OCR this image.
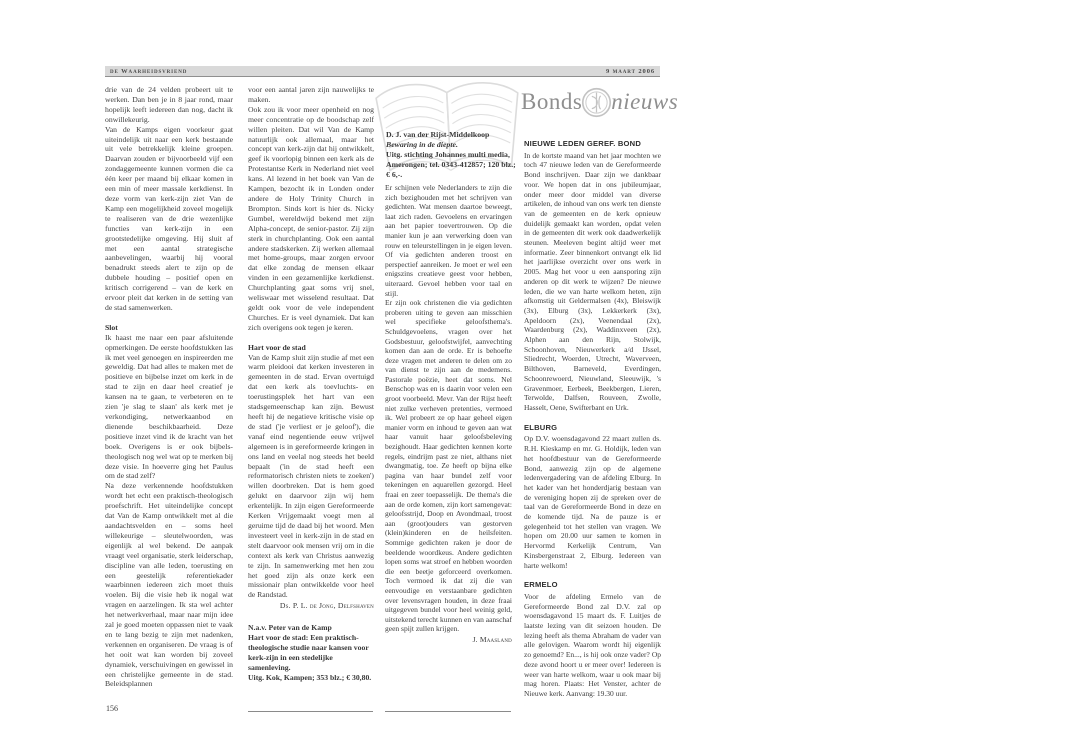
de Waarheidsvriend	9 maart 2006

drie van de 24 velden probeert uit te werken. Dan ben je in 8 jaar rond, maar hopelijk leeft iedereen dan nog, dacht ik onwillekeurig.

Van de Kamps eigen voorkeur gaat uiteindelijk uit naar een kerk bestaande uit vele betrekkelijk kleine groepen. Daarvan zouden er bijvoorbeeld vijf een zondaggemeente kunnen vormen die ca één keer per maand bij elkaar komen in een min of meer massale kerkdienst. In deze vorm van kerk-zijn ziet Van de Kamp een mogelijkheid zoveel mogelijk te realiseren van de drie wezenlijke functies van kerk-zijn in een grootstedelijke omgeving. Hij sluit af met een aantal strategische aanbevelingen, waarbij hij vooral benadrukt steeds alert te zijn op de dubbele houding – positief open en kritisch corrigerend – van de kerk en ervoor pleit dat kerken in de setting van de stad samenwerken.

Slot

Ik haast me naar een paar afsluitende opmerkingen. De eerste hoofdstukken las ik met veel genoegen en inspireerden me geweldig. Dat had alles te maken met de positieve en bijbelse inzet om kerk in de stad te zijn en daar heel creatief je kansen na te gaan, te verbeteren en te zien 'je slag te slaan' als kerk met je verkondiging, netwerkaanbod en dienende beschikbaarheid. Deze positieve inzet vind ik de kracht van het boek. Overigens is er ook bijbels-theologisch nog wel wat op te merken bij deze visie. In hoeverre ging het Paulus om de stad zelf?

Na deze verkennende hoofdstukken wordt het echt een praktisch-theologisch proefschrift. Het uiteindelijke concept dat Van de Kamp ontwikkelt met al die aandachtsvelden en – soms heel willekeurige – sleutelwoorden, was eigenlijk al wel bekend. De aanpak vraagt veel organisatie, sterk leiderschap, discipline van alle leden, toerusting en een geestelijk referentiekader waarbinnen iedereen zich moet thuis voelen. Bij die visie heb ik nogal wat vragen en aarzelingen. Ik sta wel achter het netwerkverhaal, maar naar mijn idee zal je goed moeten oppassen niet te vaak en te lang bezig te zijn met nadenken, verkennen en organiseren. De vraag is of het ooit wat kan worden bij zoveel dynamiek, verschuivingen en gewissel in een christelijke gemeente in de stad. Beleidsplannen

voor een aantal jaren zijn nauwelijks te maken.

Ook zou ik voor meer openheid en nog meer concentratie op de boodschap zelf willen pleiten. Dat wil Van de Kamp natuurlijk ook allemaal, maar het concept van kerk-zijn dat hij ontwikkelt, geef ik voorlopig binnen een kerk als de Protestantse Kerk in Nederland niet veel kans. Al lezend in het boek van Van de Kampen, bezocht ik in Londen onder andere de Holy Trinity Church in Brompton. Sinds kort is hier ds. Nicky Gumbel, wereldwijd bekend met zijn Alpha-concept, de senior-pastor. Zij zijn sterk in churchplanting. Ook een aantal andere stadskerken. Zij werken allemaal met home-groups, maar zorgen ervoor dat elke zondag de mensen elkaar vinden in een gezamenlijke kerkdienst. Churchplanting gaat soms vrij snel, weliswaar met wisselend resultaat. Dat geldt ook voor de vele independent Churches. Er is veel dynamiek. Dat kan zich overigens ook tegen je keren.

Hart voor de stad

Van de Kamp sluit zijn studie af met een warm pleidooi dat kerken investeren in gemeenten in de stad. Ervan overtuigd dat een kerk als toevluchts- en toerustingsplek het hart van een stadsgemeenschap kan zijn. Bewust heeft hij de negatieve kritische visie op de stad ('je verliest er je geloof'), die vanaf eind negentiende eeuw vrijwel algemeen is in gereformeerde kringen in ons land en veelal nog steeds het beeld bepaalt ('in de stad heeft een reformatorisch christen niets te zoeken') willen doorbreken. Dat is hem goed gelukt en daarvoor zijn wij hem erkentelijk. In zijn eigen Gereformeerde Kerken Vrijgemaakt voegt men al geruime tijd de daad bij het woord. Men investeert veel in kerk-zijn in de stad en stelt daarvoor ook mensen vrij om in die context als kerk van Christus aanwezig te zijn. In samenwerking met hen zou het goed zijn als onze kerk een missionair plan ontwikkelde voor heel de Randstad.

Ds. P. L. de Jong, Delfshaven

N.a.v. Peter van de Kamp

Hart voor de stad: Een praktisch-theologische studie naar kansen voor kerk-zijn in een stedelijke samenleving.

Uitg. Kok, Kampen; 353 blz.; € 30,80.

D. J. van der Rijst-Middelkoop

Bewaring in de diepte.

Uitg. stichting Johannes multi media, Amerongen; tel. 0343-412857; 120 blz.; € 6,-.

Er schijnen vele Nederlanders te zijn die zich bezighouden met het schrijven van gedichten. Wat mensen daartoe beweegt, laat zich raden. Gevoelens en ervaringen aan het papier toevertrouwen. Op die manier kun je aan verwerking doen van rouw en teleurstellingen in je eigen leven. Of via gedichten anderen troost en perspectief aanreiken. Je moet er wel een enigszins creatieve geest voor hebben, uiteraard. Gevoel hebben voor taal en stijl.

Er zijn ook christenen die via gedichten proberen uiting te geven aan misschien wel specifieke geloofsthema's. Schuldgevoelens, vragen over het Godsbestuur, geloofstwijfel, aanvechting komen dan aan de orde. Er is behoefte deze vragen met anderen te delen om zo van dienst te zijn aan de medemens. Pastorale poëzie, heet dat soms. Nel Benschop was en is daarin voor velen een groot voorbeeld. Mevr. Van der Rijst heeft niet zulke verheven pretenties, vermoed ik. Wel probeert ze op haar geheel eigen manier vorm en inhoud te geven aan wat haar vanuit haar geloofsbeleving bezighoudt. Haar gedichten kennen korte regels, eindrijm past ze niet, althans niet dwangmatig, toe. Ze heeft op bijna elke pagina van haar bundel zelf voor tekeningen en aquarellen gezorgd. Heel fraai en zeer toepasselijk. De thema's die aan de orde komen, zijn kort samengevat: geloofsstrijd, Doop en Avondmaal, troost aan (groot)ouders van gestorven (klein)kinderen en de heilsfeiten. Sommige gedichten raken je door de beeldende woordkeus. Andere gedichten lopen soms wat stroef en hebben woorden die een beetje geforceerd overkomen. Toch vermoed ik dat zij die van eenvoudige en verstaanbare gedichten over levensvragen houden, in deze fraai uitgegeven bundel voor heel weinig geld, uitstekend terecht kunnen en van aanschaf geen spijt zullen krijgen.

J. Maasland
Bonds nieuws
NIEUWE LEDEN GEREF. BOND

In de kortste maand van het jaar mochten we toch 47 nieuwe leden van de Gereformeerde Bond inschrijven. Daar zijn we dankbaar voor. We hopen dat in ons jubileumjaar, onder meer door middel van diverse artikelen, de inhoud van ons werk ten dienste van de gemeenten en de kerk opnieuw duidelijk gemaakt kan worden, opdat velen in de gemeenten dit werk ook daadwerkelijk steunen. Meeleven begint altijd weer met informatie. Zeer binnenkort ontvangt elk lid het jaarlijkse overzicht over ons werk in 2005. Mag het voor u een aansporing zijn anderen op dit werk te wijzen? De nieuwe leden, die we van harte welkom heten, zijn afkomstig uit Geldermalsen (4x), Bleiswijk (3x), Elburg (3x), Lekkerkerk (3x), Apeldoorn (2x), Veenendaal (2x), Waardenburg (2x), Waddinxveen (2x), Alphen aan den Rijn, Stolwijk, Schoonhoven, Nieuwerkerk a/d IJssel, Sliedrecht, Woerden, Utrecht, Waverveen, Bilthoven, Barneveld, Everdingen, Schoonrewoerd, Nieuwland, Sleeuwijk, 's Gravenmoer, Eerbeek, Beekbergen, Lieren, Terwolde, Dalfsen, Rouveen, Zwolle, Hasselt, Oene, Swifterbant en Urk.

ELBURG

Op D.V. woensdagavond 22 maart zullen ds. R.H. Kieskamp en mr. G. Holdijk, leden van het hoofdbestuur van de Gereformeerde Bond, aanwezig zijn op de algemene ledenvergadering van de afdeling Elburg. In het kader van het honderdjarig bestaan van de vereniging hopen zij de spreken over de taal van de Gereformeerde Bond in deze en de komende tijd. Na de pauze is er gelegenheid tot het stellen van vragen. We hopen om 20.00 uur samen te komen in Hervormd Kerkelijk Centrum, Van Kinsbergenstraat 2, Elburg. Iedereen van harte welkom!

ERMELO

Voor de afdeling Ermelo van de Gereformeerde Bond zal D.V. zal op woensdagavond 15 maart ds. F. Luitjes de laatste lezing van dit seizoen houden. De lezing heeft als thema Abraham de vader van alle gelovigen. Waarom wordt hij eigenlijk zo genoemd? En..., is hij ook onze vader? Op deze avond hoort u er meer over! Iedereen is weer van harte welkom, waar u ook maar bij mag horen. Plaats: Het Venster, achter de Nieuwe kerk. Aanvang: 19.30 uur.

156
